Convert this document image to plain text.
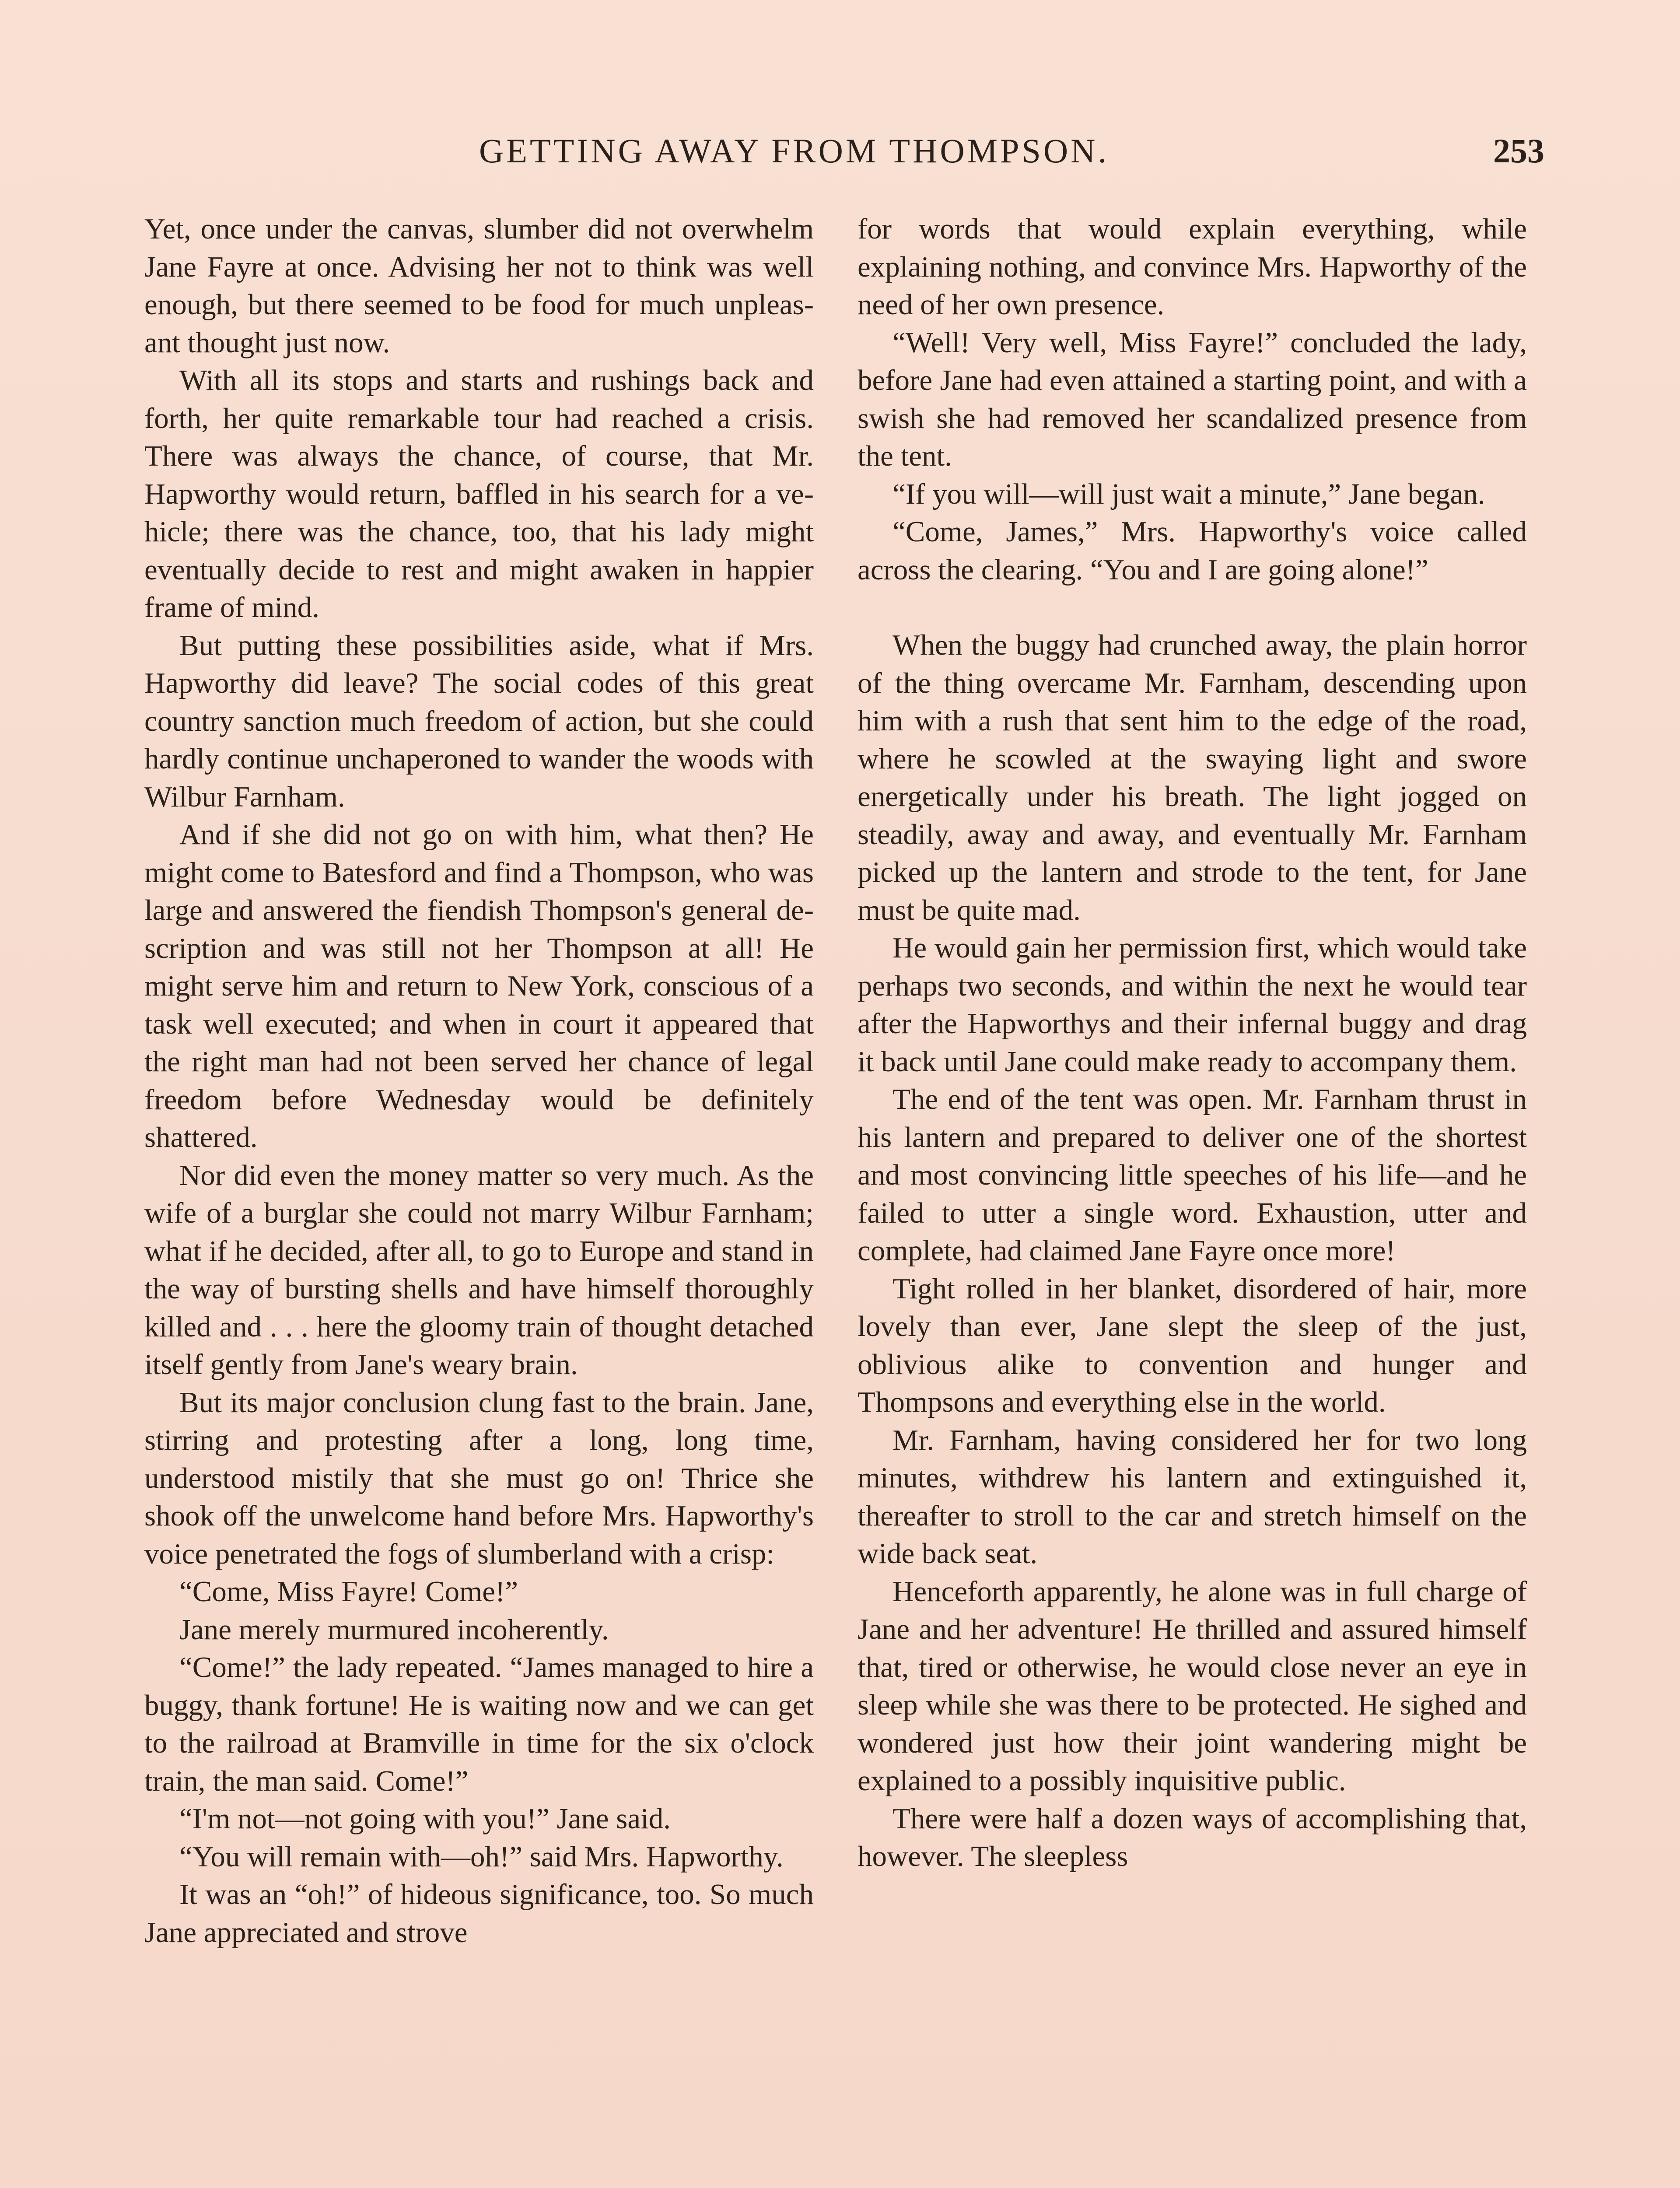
GETTING AWAY FROM THOMPSON.	253

Yet, once under the canvas, slumber did not overwhelm Jane Fayre at once. Advising her not to think was well enough, but there seemed to be food for much unpleasant thought just now.

With all its stops and starts and rushings back and forth, her quite remarkable tour had reached a crisis. There was always the chance, of course, that Mr. Hapworthy would return, baffled in his search for a vehicle; there was the chance, too, that his lady might eventually decide to rest and might awaken in happier frame of mind.

But putting these possibilities aside, what if Mrs. Hapworthy did leave? The social codes of this great country sanction much freedom of action, but she could hardly continue unchaperoned to wander the woods with Wilbur Farnham.

And if she did not go on with him, what then? He might come to Batesford and find a Thompson, who was large and answered the fiendish Thompson's general description and was still not her Thompson at all! He might serve him and return to New York, conscious of a task well executed; and when in court it appeared that the right man had not been served her chance of legal freedom before Wednesday would be definitely shattered.

Nor did even the money matter so very much. As the wife of a burglar she could not marry Wilbur Farnham; what if he decided, after all, to go to Europe and stand in the way of bursting shells and have himself thoroughly killed and . . . here the gloomy train of thought detached itself gently from Jane's weary brain.

But its major conclusion clung fast to the brain. Jane, stirring and protesting after a long, long time, understood mistily that she must go on! Thrice she shook off the unwelcome hand before Mrs. Hapworthy's voice penetrated the fogs of slumberland with a crisp:

“Come, Miss Fayre! Come!”

Jane merely murmured incoherently.

“Come!” the lady repeated. “James managed to hire a buggy, thank fortune! He is waiting now and we can get to the railroad at Bramville in time for the six o'clock train, the man said. Come!”

“I'm not—not going with you!” Jane said.

“You will remain with—oh!” said Mrs. Hapworthy.

It was an “oh!” of hideous significance, too. So much Jane appreciated and strove

for words that would explain everything, while explaining nothing, and convince Mrs. Hapworthy of the need of her own presence.

“Well! Very well, Miss Fayre!” concluded the lady, before Jane had even attained a starting point, and with a swish she had removed her scandalized presence from the tent.

“If you will—will just wait a minute,” Jane began.

“Come, James,” Mrs. Hapworthy's voice called across the clearing. “You and I are going alone!”

When the buggy had crunched away, the plain horror of the thing overcame Mr. Farnham, descending upon him with a rush that sent him to the edge of the road, where he scowled at the swaying light and swore energetically under his breath. The light jogged on steadily, away and away, and eventually Mr. Farnham picked up the lantern and strode to the tent, for Jane must be quite mad.

He would gain her permission first, which would take perhaps two seconds, and within the next he would tear after the Hapworthys and their infernal buggy and drag it back until Jane could make ready to accompany them.

The end of the tent was open. Mr. Farnham thrust in his lantern and prepared to deliver one of the shortest and most convincing little speeches of his life—and he failed to utter a single word. Exhaustion, utter and complete, had claimed Jane Fayre once more!

Tight rolled in her blanket, disordered of hair, more lovely than ever, Jane slept the sleep of the just, oblivious alike to convention and hunger and Thompsons and everything else in the world.

Mr. Farnham, having considered her for two long minutes, withdrew his lantern and extinguished it, thereafter to stroll to the car and stretch himself on the wide back seat.

Henceforth apparently, he alone was in full charge of Jane and her adventure! He thrilled and assured himself that, tired or otherwise, he would close never an eye in sleep while she was there to be protected. He sighed and wondered just how their joint wandering might be explained to a possibly inquisitive public.

There were half a dozen ways of accomplishing that, however. The sleepless
